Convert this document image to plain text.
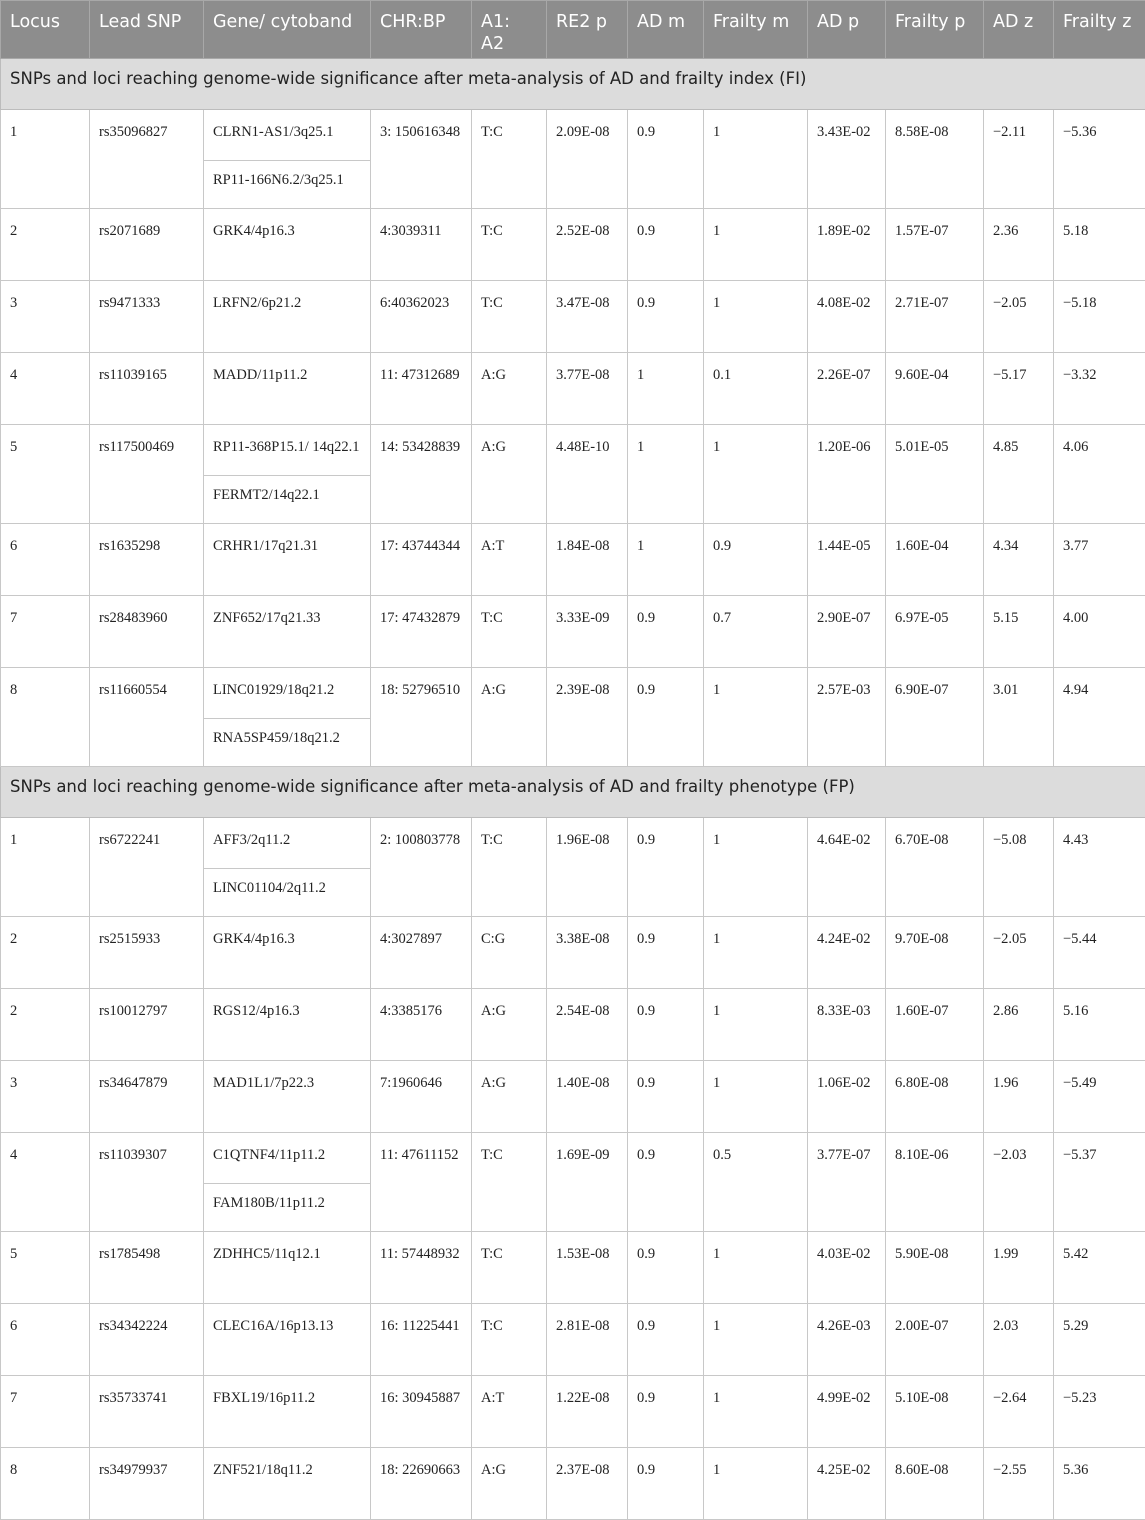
Locus	Lead SNP	Gene/ cytoband	CHR:BP	A1: A2	RE2 p	AD m	Frailty m	AD p	Frailty p	AD z	Frailty z
SNPs and loci reaching genome-wide significance after meta-analysis of AD and frailty index (FI)											
1	rs35096827	CLRN1-AS1/3q25.1	3: 150616348	T:C	2.09E-08	0.9	1	3.43E-02	8.58E-08	−2.11	−5.36
		RP11-166N6.2/3q25.1									
2	rs2071689	GRK4/4p16.3	4:3039311	T:C	2.52E-08	0.9	1	1.89E-02	1.57E-07	2.36	5.18
3	rs9471333	LRFN2/6p21.2	6:40362023	T:C	3.47E-08	0.9	1	4.08E-02	2.71E-07	−2.05	−5.18
4	rs11039165	MADD/11p11.2	11: 47312689	A:G	3.77E-08	1	0.1	2.26E-07	9.60E-04	−5.17	−3.32
5	rs117500469	RP11-368P15.1/ 14q22.1	14: 53428839	A:G	4.48E-10	1	1	1.20E-06	5.01E-05	4.85	4.06
		FERMT2/14q22.1									
6	rs1635298	CRHR1/17q21.31	17: 43744344	A:T	1.84E-08	1	0.9	1.44E-05	1.60E-04	4.34	3.77
7	rs28483960	ZNF652/17q21.33	17: 47432879	T:C	3.33E-09	0.9	0.7	2.90E-07	6.97E-05	5.15	4.00
8	rs11660554	LINC01929/18q21.2	18: 52796510	A:G	2.39E-08	0.9	1	2.57E-03	6.90E-07	3.01	4.94
		RNA5SP459/18q21.2									
SNPs and loci reaching genome-wide significance after meta-analysis of AD and frailty phenotype (FP)											
1	rs6722241	AFF3/2q11.2	2: 100803778	T:C	1.96E-08	0.9	1	4.64E-02	6.70E-08	−5.08	4.43
		LINC01104/2q11.2									
2	rs2515933	GRK4/4p16.3	4:3027897	C:G	3.38E-08	0.9	1	4.24E-02	9.70E-08	−2.05	−5.44
2	rs10012797	RGS12/4p16.3	4:3385176	A:G	2.54E-08	0.9	1	8.33E-03	1.60E-07	2.86	5.16
3	rs34647879	MAD1L1/7p22.3	7:1960646	A:G	1.40E-08	0.9	1	1.06E-02	6.80E-08	1.96	−5.49
4	rs11039307	C1QTNF4/11p11.2	11: 47611152	T:C	1.69E-09	0.9	0.5	3.77E-07	8.10E-06	−2.03	−5.37
		FAM180B/11p11.2									
5	rs1785498	ZDHHC5/11q12.1	11: 57448932	T:C	1.53E-08	0.9	1	4.03E-02	5.90E-08	1.99	5.42
6	rs34342224	CLEC16A/16p13.13	16: 11225441	T:C	2.81E-08	0.9	1	4.26E-03	2.00E-07	2.03	5.29
7	rs35733741	FBXL19/16p11.2	16: 30945887	A:T	1.22E-08	0.9	1	4.99E-02	5.10E-08	−2.64	−5.23
8	rs34979937	ZNF521/18q11.2	18: 22690663	A:G	2.37E-08	0.9	1	4.25E-02	8.60E-08	−2.55	5.36
